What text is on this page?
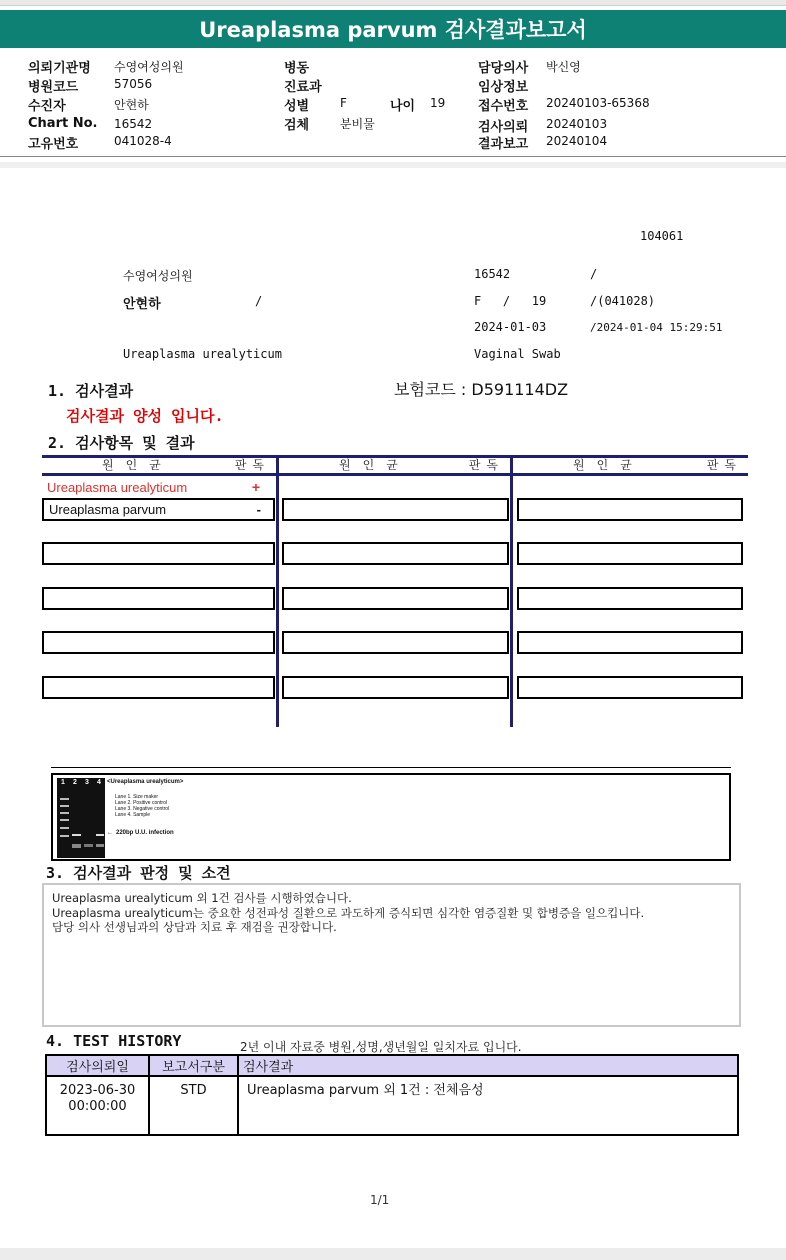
Ureaplasma parvum 검사결과보고서
의뢰기관명 수영여성의원
병원코드	57056
수진자	안현하
Chart No. 16542
고유번호	041028-4
병동
진료과
성별	F	나이 19
검체	분비물
담당의사 박신영
임상정보
접수번호 20240103-65368
검사의뢰 20240103
결과보고 20240104
104061
수영여성의원	16542	/
안현하	/	F   /   19	/(041028)
2024-01-03	/2024-01-04 15:29:51
Ureaplasma urealyticum	Vaginal Swab
1. 검사결과	보험코드 : D591114DZ
검사결과 양성 입니다.
2. 검사항목 및 결과
원인균	판독	원인균	판독	원인균	판독
Ureaplasma urealyticum	+
Ureaplasma parvum	-
1 2 3 4 <Ureaplasma urealyticum>
Lane 1. Size maker
Lane 2. Positive control
Lane 3. Negative control
Lane 4. Sample
← 220bp U.U. infection
3. 검사결과 판정 및 소견
Ureaplasma urealyticum 외 1건 검사를 시행하였습니다.
Ureaplasma urealyticum는 중요한 성전파성 질환으로 과도하게 증식되면 심각한 염증질환 및 합병증을 일으킵니다.
담당 의사 선생님과의 상담과 치료 후 재검을 권장합니다.
4. TEST HISTORY	2년 이내 자료중 병원,성명,생년월일 일치자료 입니다.
검사의뢰일	보고서구분	검사결과

2023-06-30
00:00:00	STD	Ureaplasma parvum 외 1건 : 전체음성
1/1
